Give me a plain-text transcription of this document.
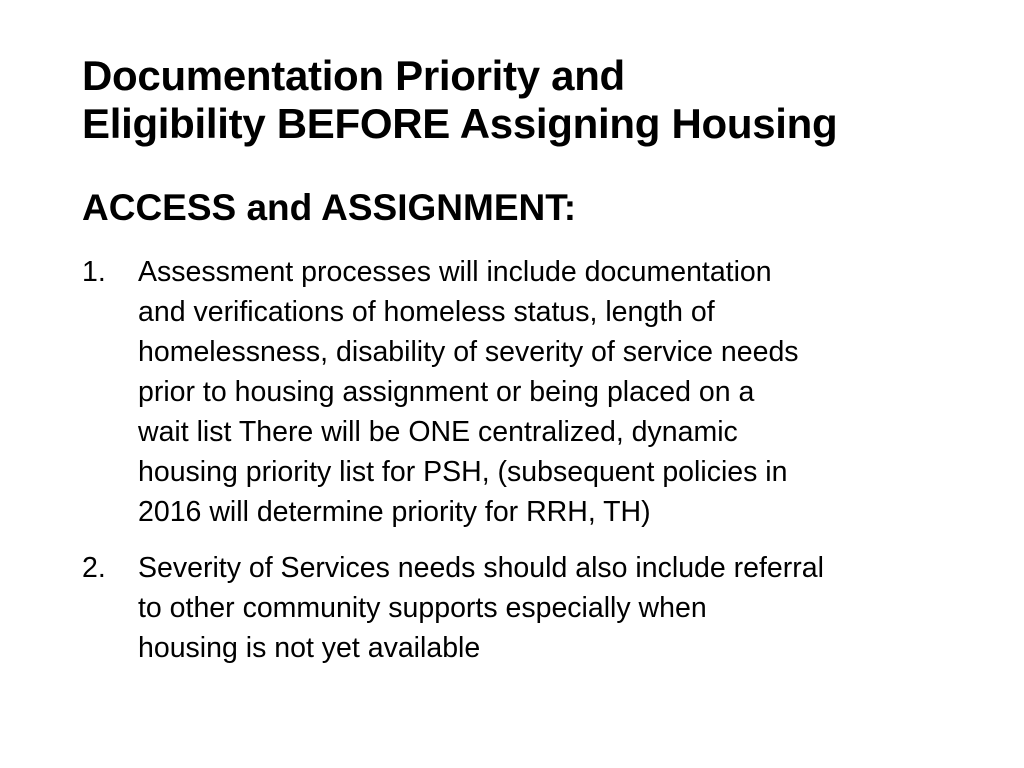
Documentation Priority and
Eligibility BEFORE Assigning Housing
ACCESS and ASSIGNMENT:
1. Assessment processes will include documentation
and verifications of homeless status, length of
homelessness, disability of severity of service needs
prior to housing assignment or being placed on a
wait list There will be ONE centralized, dynamic
housing priority list for PSH, (subsequent policies in
2016 will determine priority for RRH, TH)
2. Severity of Services needs should also include referral
to other community supports especially when
housing is not yet available
